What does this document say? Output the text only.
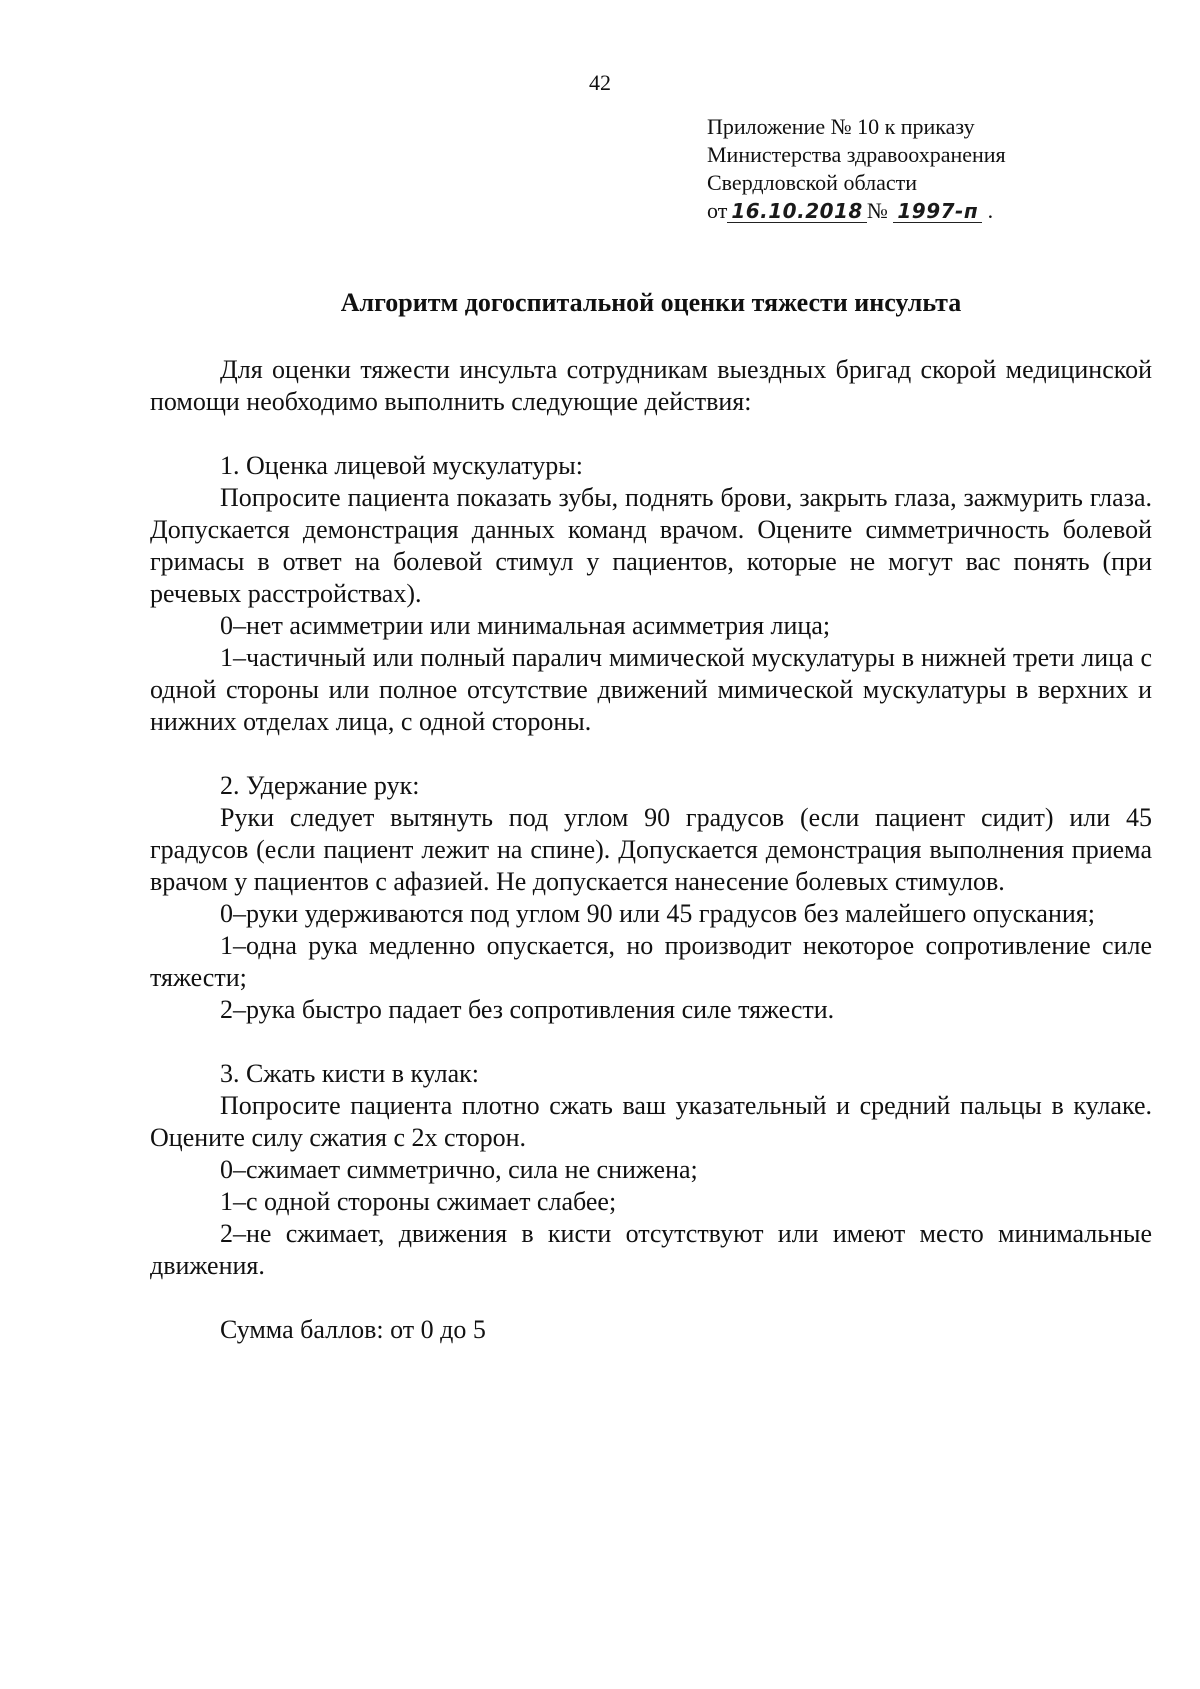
42
Приложение № 10 к приказу
Министерства здравоохранения
Свердловской области
от 16.10.2018 № 1997-п .
Алгоритм догоспитальной оценки тяжести инсульта

Для оценки тяжести инсульта сотрудникам выездных бригад скорой медицинской помощи необходимо выполнить следующие действия:

1. Оценка лицевой мускулатуры:

Попросите пациента показать зубы, поднять брови, закрыть глаза, зажмурить глаза. Допускается демонстрация данных команд врачом. Оцените симметричность болевой гримасы в ответ на болевой стимул у пациентов, которые не могут вас понять (при речевых расстройствах).

0–нет асимметрии или минимальная асимметрия лица;

1–частичный или полный паралич мимической мускулатуры в нижней трети лица с одной стороны или полное отсутствие движений мимической мускулатуры в верхних и нижних отделах лица, с одной стороны.

2. Удержание рук:

Руки следует вытянуть под углом 90 градусов (если пациент сидит) или 45 градусов (если пациент лежит на спине). Допускается демонстрация выполнения приема врачом у пациентов с афазией. Не допускается нанесение болевых стимулов.

0–руки удерживаются под углом 90 или 45 градусов без малейшего опускания;

1–одна рука медленно опускается, но производит некоторое сопротивление силе тяжести;

2–рука быстро падает без сопротивления силе тяжести.

3. Сжать кисти в кулак:

Попросите пациента плотно сжать ваш указательный и средний пальцы в кулаке. Оцените силу сжатия с 2х сторон.

0–сжимает симметрично, сила не снижена;

1–с одной стороны сжимает слабее;

2–не сжимает, движения в кисти отсутствуют или имеют место минимальные движения.

Сумма баллов: от 0 до 5
